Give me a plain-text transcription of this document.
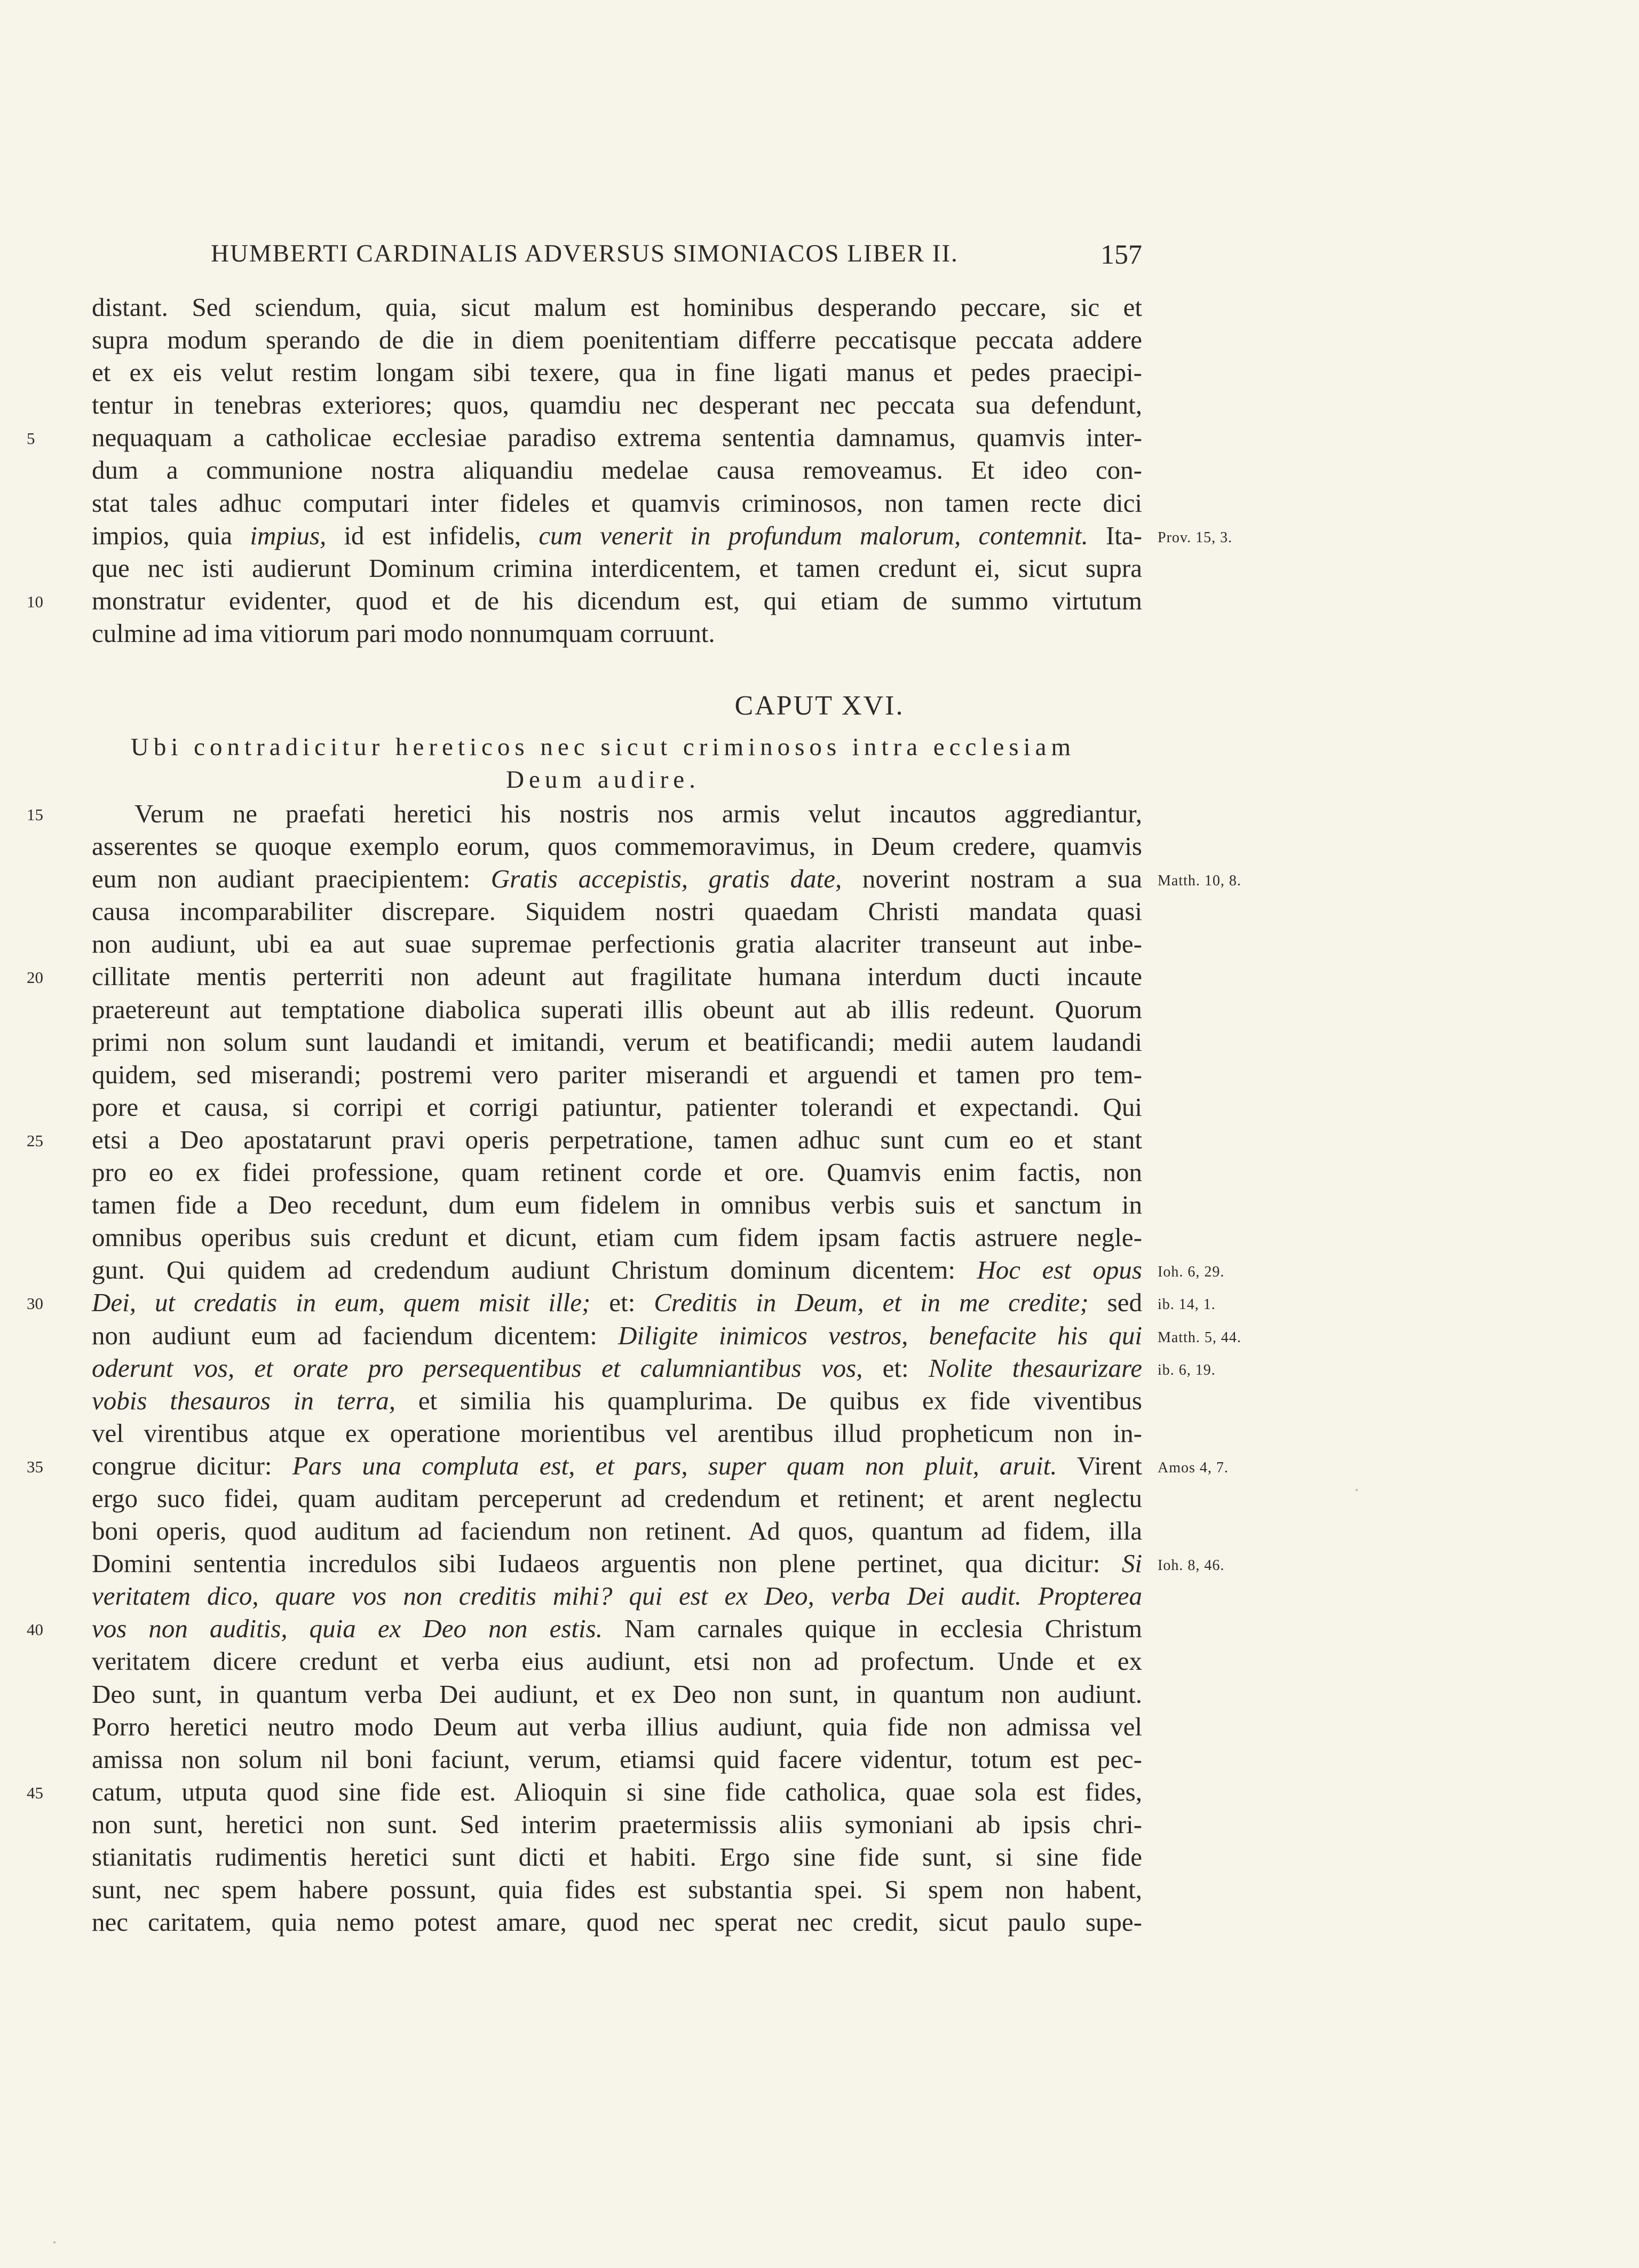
HUMBERTI CARDINALIS ADVERSUS SIMONIACOS LIBER II.	157
distant. Sed sciendum, quia, sicut malum est hominibus desperando peccare, sic et
supra modum sperando de die in diem poenitentiam differre peccatisque peccata addere
et ex eis velut restim longam sibi texere, qua in fine ligati manus et pedes praecipi-
tentur in tenebras exteriores; quos, quamdiu nec desperant nec peccata sua defendunt,
5 nequaquam a catholicae ecclesiae paradiso extrema sententia damnamus, quamvis inter-
dum a communione nostra aliquandiu medelae causa removeamus. Et ideo con-
stat tales adhuc computari inter fideles et quamvis criminosos, non tamen recte dici
impios, quia impius, id est infidelis, cum venerit in profundum malorum, contemnit. Ita- Prov. 15, 3.
que nec isti audierunt Dominum crimina interdicentem, et tamen credunt ei, sicut supra
10 monstratur evidenter, quod et de his dicendum est, qui etiam de summo virtutum
culmine ad ima vitiorum pari modo nonnumquam corruunt.
CAPUT XVI.
Ubi contradicitur hereticos nec sicut criminosos intra ecclesiam Deum audire.
15	Verum ne praefati heretici his nostris nos armis velut incautos aggrediantur,
asserentes se quoque exemplo eorum, quos commemoravimus, in Deum credere, quamvis
eum non audiant praecipientem: Gratis accepistis, gratis date, noverint nostram a sua Matth. 10, 8.
causa incomparabiliter discrepare. Siquidem nostri quaedam Christi mandata quasi
non audiunt, ubi ea aut suae supremae perfectionis gratia alacriter transeunt aut inbe-
20 cillitate mentis perterriti non adeunt aut fragilitate humana interdum ducti incaute
praetereunt aut temptatione diabolica superati illis obeunt aut ab illis redeunt. Quorum
primi non solum sunt laudandi et imitandi, verum et beatificandi; medii autem laudandi
quidem, sed miserandi; postremi vero pariter miserandi et arguendi et tamen pro tem-
pore et causa, si corripi et corrigi patiuntur, patienter tolerandi et expectandi. Qui
25 etsi a Deo apostatarunt pravi operis perpetratione, tamen adhuc sunt cum eo et stant
pro eo ex fidei professione, quam retinent corde et ore. Quamvis enim factis, non
tamen fide a Deo recedunt, dum eum fidelem in omnibus verbis suis et sanctum in
omnibus operibus suis credunt et dicunt, etiam cum fidem ipsam factis astruere negle-
gunt. Qui quidem ad credendum audiunt Christum dominum dicentem: Hoc est opus Ioh. 6, 29.
30 Dei, ut credatis in eum, quem misit ille; et: Creditis in Deum, et in me credite; sed ib. 14, 1.
non audiunt eum ad faciendum dicentem: Diligite inimicos vestros, benefacite his qui Matth. 5, 44.
oderunt vos, et orate pro persequentibus et calumniantibus vos, et: Nolite thesaurizare ib. 6, 19.
vobis thesauros in terra, et similia his quamplurima. De quibus ex fide viventibus
vel virentibus atque ex operatione morientibus vel arentibus illud propheticum non in-
35 congrue dicitur: Pars una compluta est, et pars, super quam non pluit, aruit. Virent Amos 4, 7.
ergo suco fidei, quam auditam perceperunt ad credendum et retinent; et arent neglectu
boni operis, quod auditum ad faciendum non retinent. Ad quos, quantum ad fidem, illa
Domini sententia incredulos sibi Iudaeos arguentis non plene pertinet, qua dicitur: Si Ioh. 8, 46.
veritatem dico, quare vos non creditis mihi? qui est ex Deo, verba Dei audit. Propterea
40 vos non auditis, quia ex Deo non estis. Nam carnales quique in ecclesia Christum
veritatem dicere credunt et verba eius audiunt, etsi non ad profectum. Unde et ex
Deo sunt, in quantum verba Dei audiunt, et ex Deo non sunt, in quantum non audiunt.
Porro heretici neutro modo Deum aut verba illius audiunt, quia fide non admissa vel
amissa non solum nil boni faciunt, verum, etiamsi quid facere videntur, totum est pec-
45 catum, utputa quod sine fide est. Alioquin si sine fide catholica, quae sola est fides,
non sunt, heretici non sunt. Sed interim praetermissis aliis symoniani ab ipsis chri-
stianitatis rudimentis heretici sunt dicti et habiti. Ergo sine fide sunt, si sine fide
sunt, nec spem habere possunt, quia fides est substantia spei. Si spem non habent,
nec caritatem, quia nemo potest amare, quod nec sperat nec credit, sicut paulo supe-
